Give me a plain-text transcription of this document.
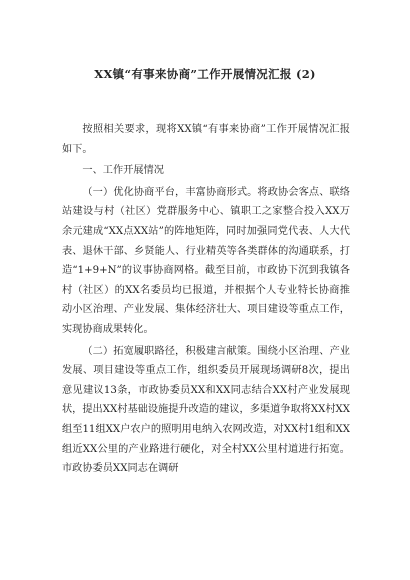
XX镇“有事来协商”工作开展情况汇报 (2)

按照相关要求，现将XX镇“有事来协商”工作开展情况汇报如下。

一、工作开展情况

（一）优化协商平台，丰富协商形式。将政协会客点、联络站建设与村（社区）党群服务中心、镇职工之家整合投入XX万余元建成“XX点XX站”的阵地矩阵，同时加强同党代表、人大代表、退休干部、乡贤能人、行业精英等各类群体的沟通联系，打造“1+9+N”的议事协商网格。截至目前，市政协下沉到我镇各村（社区）的XX名委员均已报道，并根据个人专业特长协商推动小区治理、产业发展、集体经济壮大、项目建设等重点工作，实现协商成果转化。

（二）拓宽履职路径，积极建言献策。围绕小区治理、产业发展、项目建设等重点工作，组织委员开展现场调研8次，提出意见建议13条，市政协委员XX和XX同志结合XX村产业发展现状，提出XX村基础设施提升改造的建议，多渠道争取将XX村XX组至11组XX户农户的照明用电纳入农网改造，对XX村1组和XX组近XX公里的产业路进行硬化，对全村XX公里村道进行拓宽。市政协委员XX同志在调研
